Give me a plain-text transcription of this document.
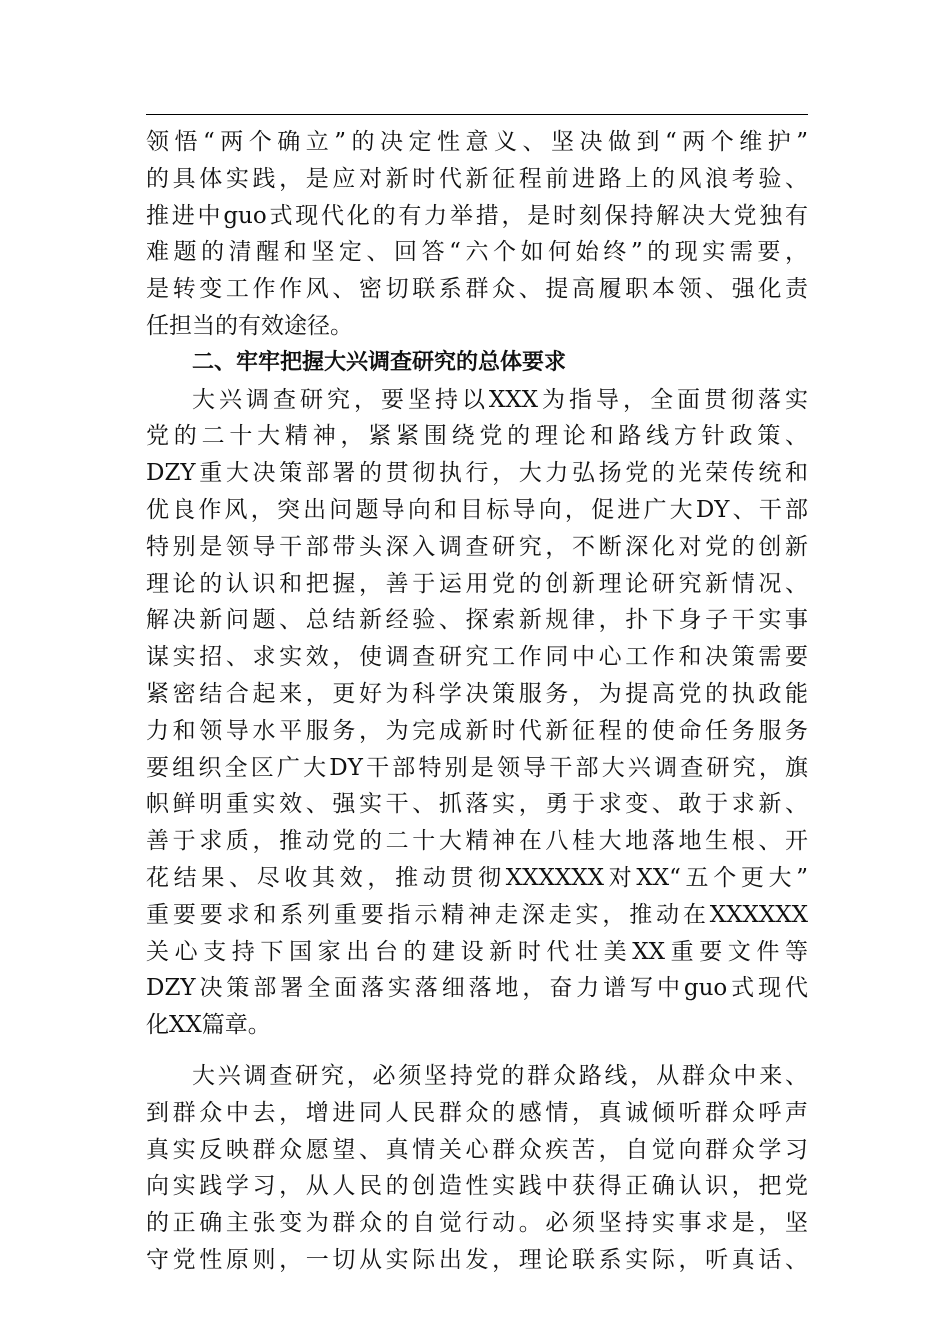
领悟“两个确立”的决定性意义、坚决做到“两个维护”
的具体实践，是应对新时代新征程前进路上的风浪考验、
推进中guo式现代化的有力举措，是时刻保持解决大党独有
难题的清醒和坚定、回答“六个如何始终”的现实需要，
是转变工作作风、密切联系群众、提高履职本领、强化责
任担当的有效途径。
二、牢牢把握大兴调查研究的总体要求
大兴调查研究，要坚持以XXX为指导，全面贯彻落实
党的二十大精神，紧紧围绕党的理论和路线方针政策、
DZY重大决策部署的贯彻执行，大力弘扬党的光荣传统和
优良作风，突出问题导向和目标导向，促进广大DY、干部
特别是领导干部带头深入调查研究，不断深化对党的创新
理论的认识和把握，善于运用党的创新理论研究新情况、
解决新问题、总结新经验、探索新规律，扑下身子干实事
谋实招、求实效，使调查研究工作同中心工作和决策需要
紧密结合起来，更好为科学决策服务，为提高党的执政能
力和领导水平服务，为完成新时代新征程的使命任务服务
要组织全区广大DY干部特别是领导干部大兴调查研究，旗
帜鲜明重实效、强实干、抓落实，勇于求变、敢于求新、
善于求质，推动党的二十大精神在八桂大地落地生根、开
花结果、尽收其效，推动贯彻XXXXXX对XX“五个更大”
重要要求和系列重要指示精神走深走实，推动在XXXXXX
关心支持下国家出台的建设新时代壮美XX重要文件等
DZY决策部署全面落实落细落地，奋力谱写中guo式现代
化XX篇章。
大兴调查研究，必须坚持党的群众路线，从群众中来、
到群众中去，增进同人民群众的感情，真诚倾听群众呼声
真实反映群众愿望、真情关心群众疾苦，自觉向群众学习
向实践学习，从人民的创造性实践中获得正确认识，把党
的正确主张变为群众的自觉行动。必须坚持实事求是，坚
守党性原则，一切从实际出发，理论联系实际，听真话、
